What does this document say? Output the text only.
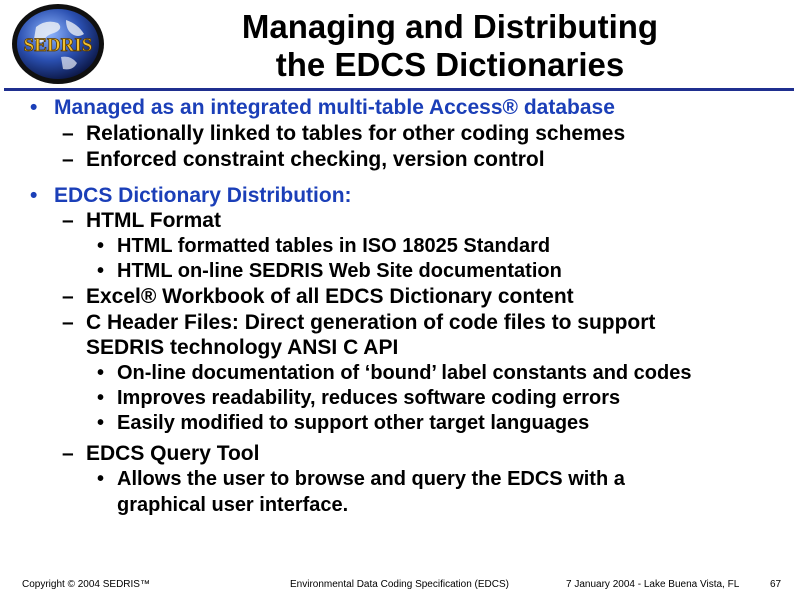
SEDRIS
Managing and Distributing
the EDCS Dictionaries
• Managed as an integrated multi-table Access® database
– Relationally linked to tables for other coding schemes
– Enforced constraint checking, version control
• EDCS Dictionary Distribution:
– HTML Format
• HTML formatted tables in ISO 18025 Standard
• HTML on-line SEDRIS Web Site documentation
– Excel® Workbook of all EDCS Dictionary content
– C Header Files: Direct generation of code files to support
SEDRIS technology ANSI C API
• On-line documentation of ‘bound’ label constants and codes
• Improves readability, reduces software coding errors
• Easily modified to support other target languages
– EDCS Query Tool
• Allows the user to browse and query the EDCS with a
graphical user interface.
Copyright © 2004 SEDRIS™	Environmental Data Coding Specification (EDCS)	7 January 2004 - Lake Buena Vista, FL	67
